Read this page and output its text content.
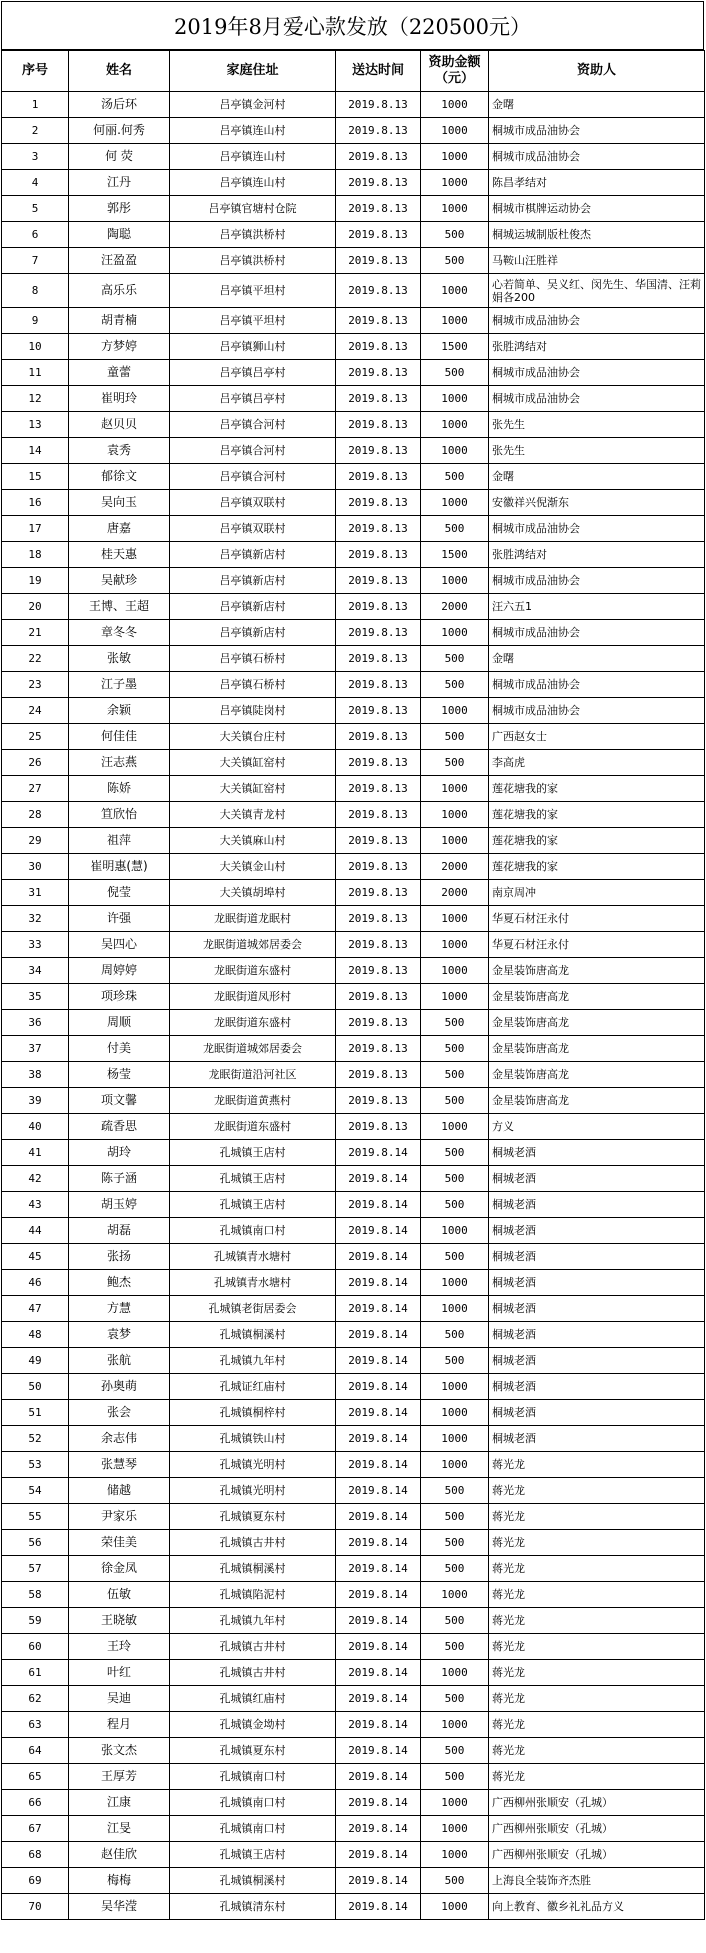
2019年8月爱心款发放（220500元）
序号	姓名	家庭住址	送达时间	资助金额（元）	资助人
1	汤后环	吕亭镇金河村	2019.8.13	1000	金曙
2	何丽.何秀	吕亭镇连山村	2019.8.13	1000	桐城市成品油协会
3	何 荧	吕亭镇连山村	2019.8.13	1000	桐城市成品油协会
4	江丹	吕亭镇连山村	2019.8.13	1000	陈昌孝结对
5	郭彤	吕亭镇官塘村仓院	2019.8.13	1000	桐城市棋牌运动协会
6	陶聪	吕亭镇洪桥村	2019.8.13	500	桐城运城制版杜俊杰
7	汪盈盈	吕亭镇洪桥村	2019.8.13	500	马鞍山汪胜祥
8	高乐乐	吕亭镇平坦村	2019.8.13	1000	心若简单、吴义红、闵先生、华国清、汪莉娟各200
9	胡青楠	吕亭镇平坦村	2019.8.13	1000	桐城市成品油协会
10	方梦婷	吕亭镇狮山村	2019.8.13	1500	张胜鸿结对
11	童蕾	吕亭镇吕亭村	2019.8.13	500	桐城市成品油协会
12	崔明玲	吕亭镇吕亭村	2019.8.13	1000	桐城市成品油协会
13	赵贝贝	吕亭镇合河村	2019.8.13	1000	张先生
14	袁秀	吕亭镇合河村	2019.8.13	1000	张先生
15	郁徐文	吕亭镇合河村	2019.8.13	500	金曙
16	吴向玉	吕亭镇双联村	2019.8.13	1000	安徽祥兴倪渐东
17	唐嘉	吕亭镇双联村	2019.8.13	500	桐城市成品油协会
18	桂天惠	吕亭镇新店村	2019.8.13	1500	张胜鸿结对
19	吴献珍	吕亭镇新店村	2019.8.13	1000	桐城市成品油协会
20	王博、王超	吕亭镇新店村	2019.8.13	2000	汪六五1
21	章冬冬	吕亭镇新店村	2019.8.13	1000	桐城市成品油协会
22	张敏	吕亭镇石桥村	2019.8.13	500	金曙
23	江子墨	吕亭镇石桥村	2019.8.13	500	桐城市成品油协会
24	余颖	吕亭镇陡岗村	2019.8.13	1000	桐城市成品油协会
25	何佳佳	大关镇台庄村	2019.8.13	500	广西赵女士
26	汪志燕	大关镇缸窑村	2019.8.13	500	李高虎
27	陈娇	大关镇缸窑村	2019.8.13	1000	莲花塘我的家
28	笪欣怡	大关镇青龙村	2019.8.13	1000	莲花塘我的家
29	祖萍	大关镇麻山村	2019.8.13	1000	莲花塘我的家
30	崔明惠(慧)	大关镇金山村	2019.8.13	2000	莲花塘我的家
31	倪莹	大关镇胡埠村	2019.8.13	2000	南京周冲
32	许强	龙眠街道龙眠村	2019.8.13	1000	华夏石材汪永付
33	吴四心	龙眠街道城郊居委会	2019.8.13	1000	华夏石材汪永付
34	周婷婷	龙眠街道东盛村	2019.8.13	1000	金星装饰唐高龙
35	项珍珠	龙眠街道凤形村	2019.8.13	1000	金星装饰唐高龙
36	周顺	龙眠街道东盛村	2019.8.13	500	金星装饰唐高龙
37	付美	龙眠街道城郊居委会	2019.8.13	500	金星装饰唐高龙
38	杨莹	龙眠街道沿河社区	2019.8.13	500	金星装饰唐高龙
39	项文馨	龙眠街道黄燕村	2019.8.13	500	金星装饰唐高龙
40	疏香思	龙眠街道东盛村	2019.8.13	1000	方义
41	胡玲	孔城镇王店村	2019.8.14	500	桐城老酒
42	陈子涵	孔城镇王店村	2019.8.14	500	桐城老酒
43	胡玉婷	孔城镇王店村	2019.8.14	500	桐城老酒
44	胡磊	孔城镇南口村	2019.8.14	1000	桐城老酒
45	张扬	孔城镇青水塘村	2019.8.14	500	桐城老酒
46	鲍杰	孔城镇青水塘村	2019.8.14	1000	桐城老酒
47	方慧	孔城镇老街居委会	2019.8.14	1000	桐城老酒
48	袁梦	孔城镇桐溪村	2019.8.14	500	桐城老酒
49	张航	孔城镇九年村	2019.8.14	500	桐城老酒
50	孙奥萌	孔城证红庙村	2019.8.14	1000	桐城老酒
51	张会	孔城镇桐梓村	2019.8.14	1000	桐城老酒
52	余志伟	孔城镇铁山村	2019.8.14	1000	桐城老酒
53	张慧琴	孔城镇光明村	2019.8.14	1000	蒋光龙
54	储越	孔城镇光明村	2019.8.14	500	蒋光龙
55	尹家乐	孔城镇夏东村	2019.8.14	500	蒋光龙
56	荣佳美	孔城镇古井村	2019.8.14	500	蒋光龙
57	徐金凤	孔城镇桐溪村	2019.8.14	500	蒋光龙
58	伍敏	孔城镇陷泥村	2019.8.14	1000	蒋光龙
59	王晓敏	孔城镇九年村	2019.8.14	500	蒋光龙
60	王玲	孔城镇古井村	2019.8.14	500	蒋光龙
61	叶红	孔城镇古井村	2019.8.14	1000	蒋光龙
62	吴迪	孔城镇红庙村	2019.8.14	500	蒋光龙
63	程月	孔城镇金坳村	2019.8.14	1000	蒋光龙
64	张文杰	孔城镇夏东村	2019.8.14	500	蒋光龙
65	王厚芳	孔城镇南口村	2019.8.14	500	蒋光龙
66	江康	孔城镇南口村	2019.8.14	1000	广西柳州张顺安（孔城）
67	江旻	孔城镇南口村	2019.8.14	1000	广西柳州张顺安（孔城）
68	赵佳欣	孔城镇王店村	2019.8.14	1000	广西柳州张顺安（孔城）
69	梅梅	孔城镇桐溪村	2019.8.14	500	上海良全装饰齐杰胜
70	吴华滢	孔城镇清东村	2019.8.14	1000	向上教育、徽乡礼礼品方义
